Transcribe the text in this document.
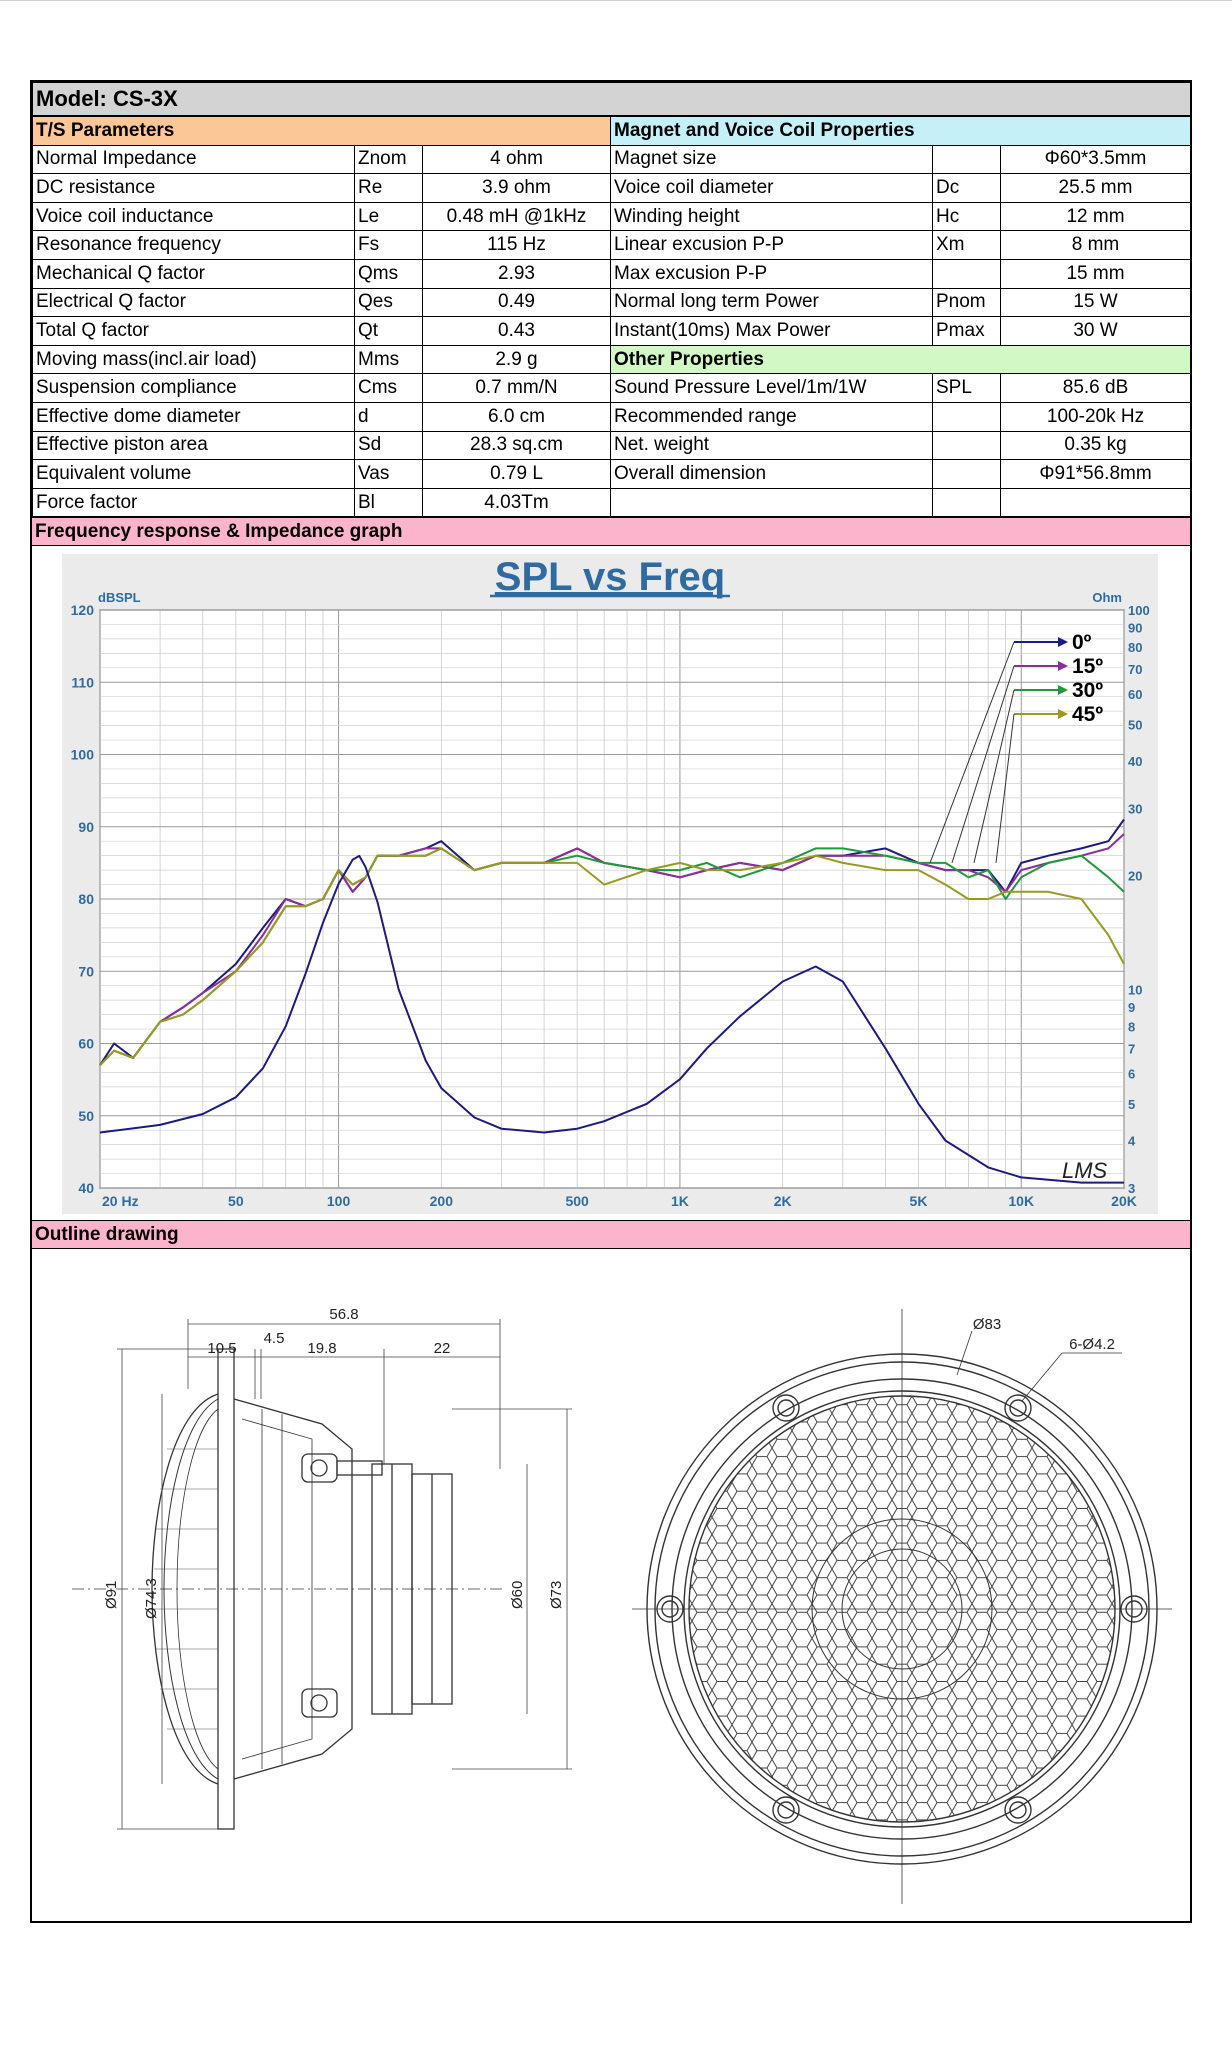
Model: CS-3X					
T/S Parameters			Magnet and Voice Coil Properties		
Normal Impedance	Znom	4 ohm	Magnet size		Φ60*3.5mm
DC resistance	Re	3.9 ohm	Voice coil diameter	Dc	25.5 mm
Voice coil inductance	Le	0.48 mH @1kHz	Winding height	Hc	12 mm
Resonance frequency	Fs	115 Hz	Linear excusion P-P	Xm	8 mm
Mechanical Q factor	Qms	2.93	Max excusion P-P		15 mm
Electrical Q factor	Qes	0.49	Normal long term Power	Pnom	15 W
Total Q factor	Qt	0.43	Instant(10ms) Max Power	Pmax	30 W
Moving mass(incl.air load)	Mms	2.9 g	Other Properties		
Suspension compliance	Cms	0.7 mm/N	Sound Pressure Level/1m/1W	SPL	85.6 dB
Effective dome diameter	d	6.0 cm	Recommended range		100-20k Hz
Effective piston area	Sd	28.3 sq.cm	Net. weight		0.35 kg
Equivalent volume	Vas	0.79 L	Overall dimension		Φ91*56.8mm
Force factor	Bl	4.03Tm			
Frequency response & Impedance graph
SPL vs Freq
dBSPL	Ohm
40
50
60
70
80
90
100
110
120
3
4
5
6
7
8
9
10
20
30
40
50
60
70
80
90
100
20 Hz	50	100	200	500	1K	2K	5K	10K	20K
0º
15º
30º
45º
LMS
Outline drawing
56.8
10.5
4.5
19.8	22
Ø91 Ø74.3	Ø60 Ø73
Ø83
6-Ø4.2
